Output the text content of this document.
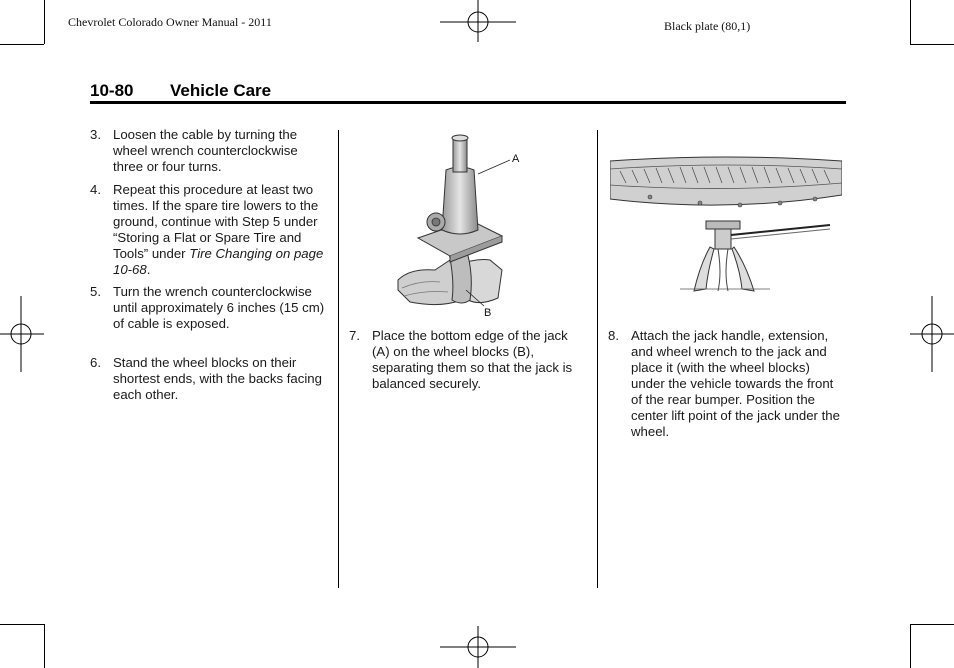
Chevrolet Colorado Owner Manual - 2011	Black plate (80,1)
10-80 Vehicle Care
3. Loosen the cable by turning the wheel wrench counterclockwise three or four turns.
4. Repeat this procedure at least two times. If the spare tire lowers to the ground, continue with Step 5 under “Storing a Flat or Spare Tire and Tools” under Tire Changing on page 10-68.
5. Turn the wrench counterclockwise until approximately 6 inches (15 cm) of cable is exposed.
6. Stand the wheel blocks on their shortest ends, with the backs facing each other.
A
B
7. Place the bottom edge of the jack (A) on the wheel blocks (B), separating them so that the jack is balanced securely.
8. Attach the jack handle, extension, and wheel wrench to the jack and place it (with the wheel blocks) under the vehicle towards the front of the rear bumper. Position the center lift point of the jack under the wheel.
